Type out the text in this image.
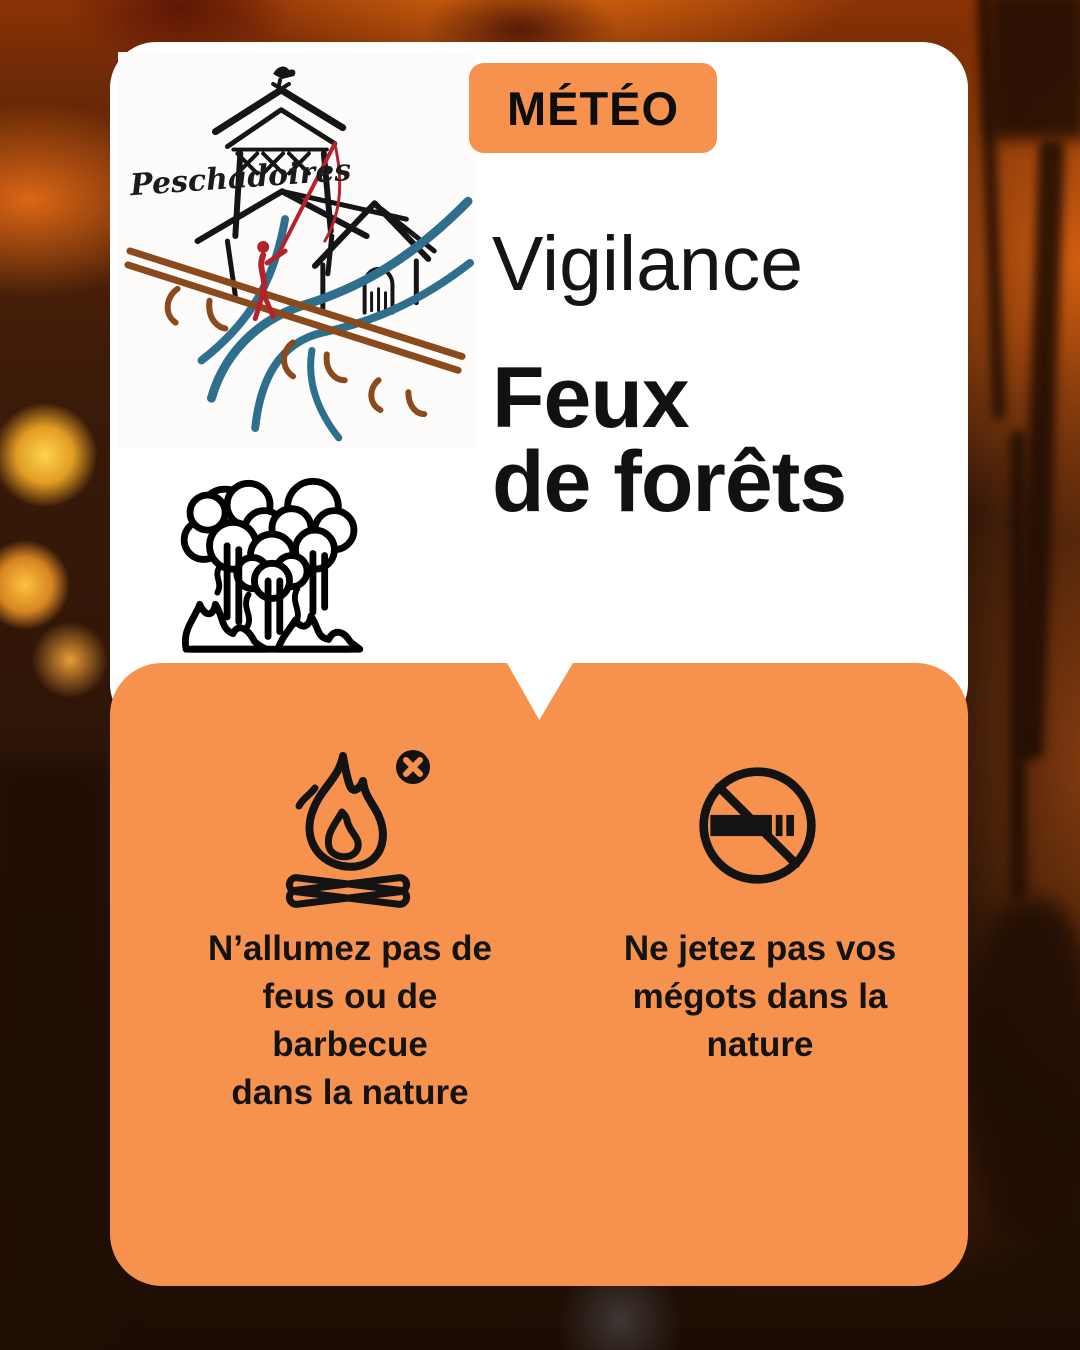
Peschadoires
MÉTÉO
Vigilance
Feux
de forêts
N’allumez pas de
feus ou de
barbecue
dans la nature
Ne jetez pas vos
mégots dans la
nature
